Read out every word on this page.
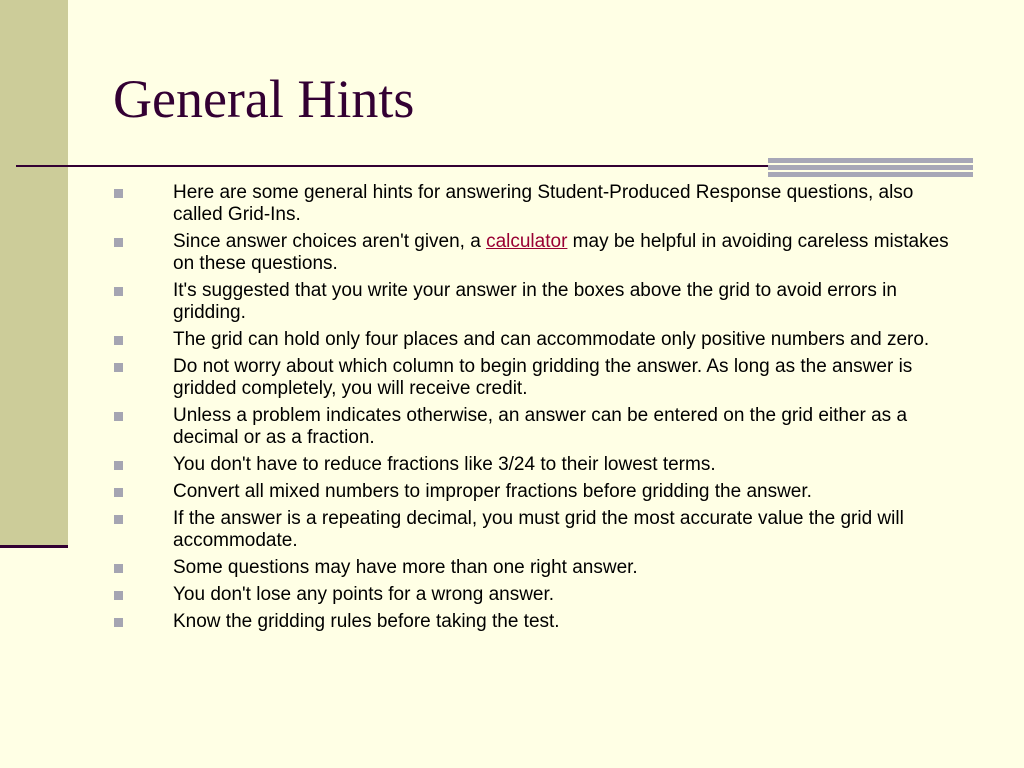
General Hints
Here are some general hints for answering Student-Produced Response questions, also called Grid-Ins.
Since answer choices aren't given, a calculator may be helpful in avoiding careless mistakes on these questions.
It's suggested that you write your answer in the boxes above the grid to avoid errors in gridding.
The grid can hold only four places and can accommodate only positive numbers and zero.
Do not worry about which column to begin gridding the answer. As long as the answer is gridded completely, you will receive credit.
Unless a problem indicates otherwise, an answer can be entered on the grid either as a decimal or as a fraction.
You don't have to reduce fractions like 3/24 to their lowest terms.
Convert all mixed numbers to improper fractions before gridding the answer.
If the answer is a repeating decimal, you must grid the most accurate value the grid will accommodate.
Some questions may have more than one right answer.
You don't lose any points for a wrong answer.
Know the gridding rules before taking the test.
